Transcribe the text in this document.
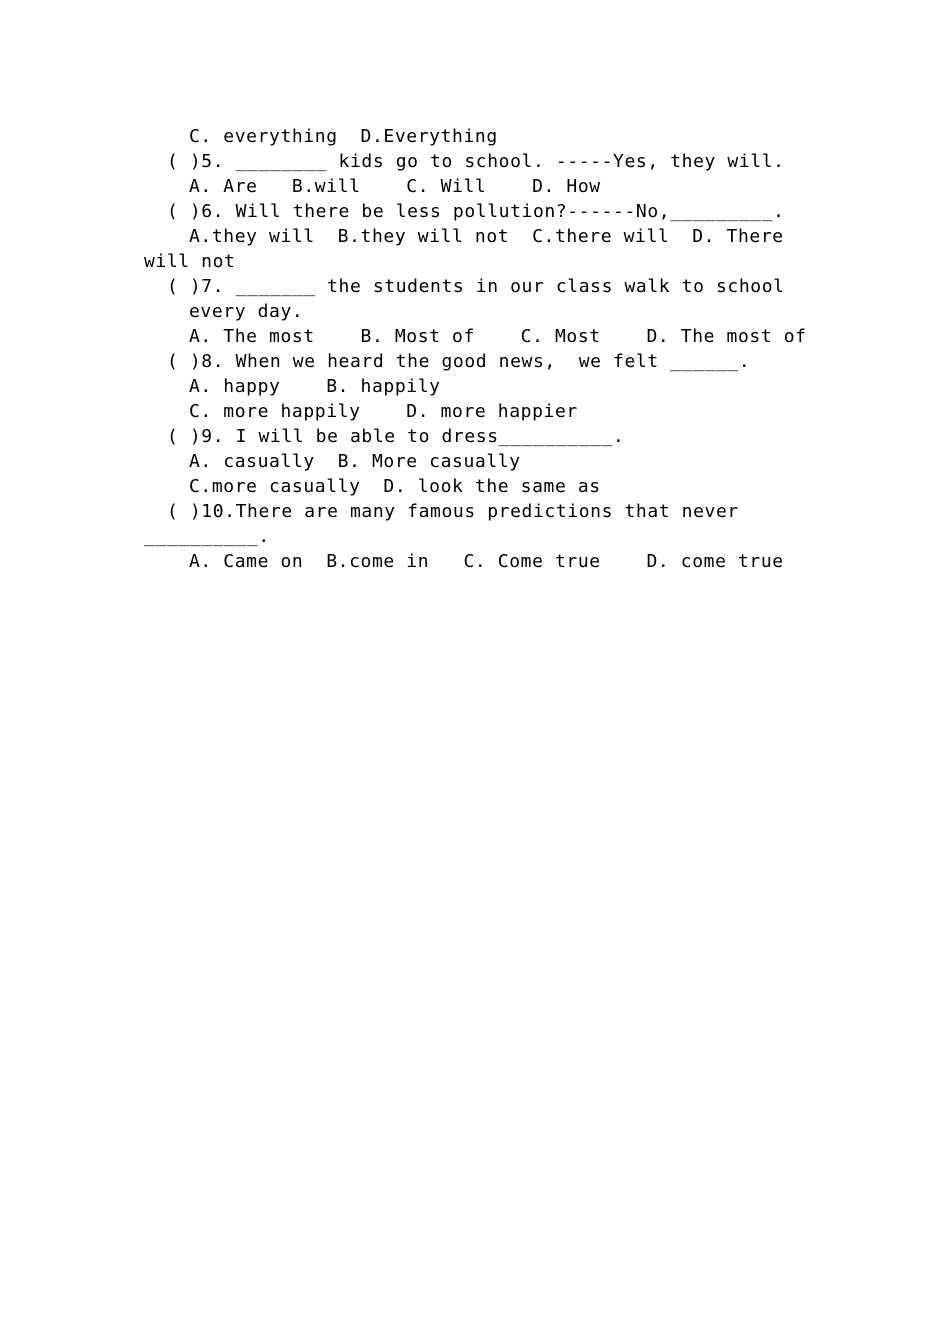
C. everything  D.Everything
( )5. ________ kids go to school. -----Yes, they will.
A. Are   B.will    C. Will    D. How
( )6. Will there be less pollution?------No,_________.
A.they will  B.they will not  C.there will  D. There
will not
( )7. _______ the students in our class walk to school
every day.
A. The most    B. Most of    C. Most    D. The most of
( )8. When we heard the good news,  we felt ______.
A. happy    B. happily
C. more happily    D. more happier
( )9. I will be able to dress__________.
A. casually  B. More casually
C.more casually  D. look the same as
( )10.There are many famous predictions that never
__________.
A. Came on  B.come in   C. Come true    D. come true
